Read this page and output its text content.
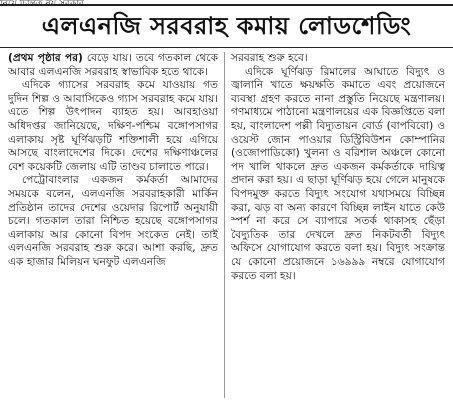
নিয়ে চিন্তিত নয় সরকার
এলএনজি সরবরাহ কমায় লোডশেডিং

(প্রথম পৃষ্ঠার পর) বেড়ে যায়। তবে গতকাল থেকে আবার এলএনজি সরবরাহ স্বাভাবিক হতে থাকে।

এদিকে গ্যাসের সরবরাহ কমে যাওয়ায় গত দুদিন শিল্প ও আবাসিকেও গ্যাস সরবরাহ কমে যায়। এতে শিল্প উৎপাদন ব্যাহত হয়। আবহাওয়া অধিদপ্তর জানিয়েছে, দক্ষিণ-পশ্চিম বঙ্গোপসাগর এলাকায় সৃষ্ট ঘূর্ণিঝড়টি শক্তিশালী হয়ে এগিয়ে আসছে বাংলাদেশের দিকে। দেশের দক্ষিণাঞ্চলের বেশ কয়েকটি জেলায় এটি তাণ্ডব চালাতে পারে।

পেট্রোবাংলার একজন কর্মকর্তা আমাদের সময়কে বলেন, এলএনজি সরবরাহকারী মার্কিন প্রতিষ্ঠান তাদের দেশের ওয়েদার রিপোর্ট অনুযায়ী চলে। গতকাল তারা নিশ্চিত হয়েছে বঙ্গোপসাগর এলাকায় আর কোনো বিপদ সংকেত নেই। তাই এলএনজি সরবরাহ শুরু করে। আশা করছি, দ্রুত এক হাজার মিলিয়ন ঘনফুট এলএনজি

সরবরাহ শুরু হবে।

এদিকে ঘূর্ণিঝড় রিমালের আঘাতে বিদ্যুৎ ও জ্বালানি খাতে ক্ষয়ক্ষতি কমাতে এবং প্রয়োজনে ব্যবস্থা গ্রহণ করতে নানা প্রস্তুতি নিয়েছে মন্ত্রণালয়। গণমাধ্যমে পাঠানো মন্ত্রণালয়ের এক বিজ্ঞপ্তিতে বলা হয়, বাংলাদেশ পল্লী বিদ্যুতায়ন বোর্ড (বাপবিবো) ও ওয়েস্ট জোন পাওয়ার ডিস্ট্রিবিউশন কোম্পানির (ওজোপাডিকো) খুলনা ও বরিশাল অঞ্চলে কোনো পদ খালি থাকলে দ্রুত একজন কর্মকর্তাকে দায়িত্ব প্রদান করা হয়। এ ছাড়া ঘূর্ণিঝড় হয়ে গেলে মানুষকে বিপদমুক্ত করতে বিদ্যুৎ সংযোগ যথাসময়ে বিচ্ছিন্ন করা, ঝড় বা অন্য কারণে বিচ্ছিন্ন লাইন যাতে কেউ স্পর্শ না করে সে ব্যাপারে সতর্ক থাকাসহ ছেঁড়া বৈদ্যুতিক তার দেখলে দ্রুত নিকটবর্তী বিদ্যুৎ অফিসে যোগাযোগ করতে বলা হয়। বিদ্যুৎ সংক্রান্ত যে কোনো প্রয়োজনে ১৬৯৯৯ নম্বরে যোগাযোগ করতে বলা হয়।
